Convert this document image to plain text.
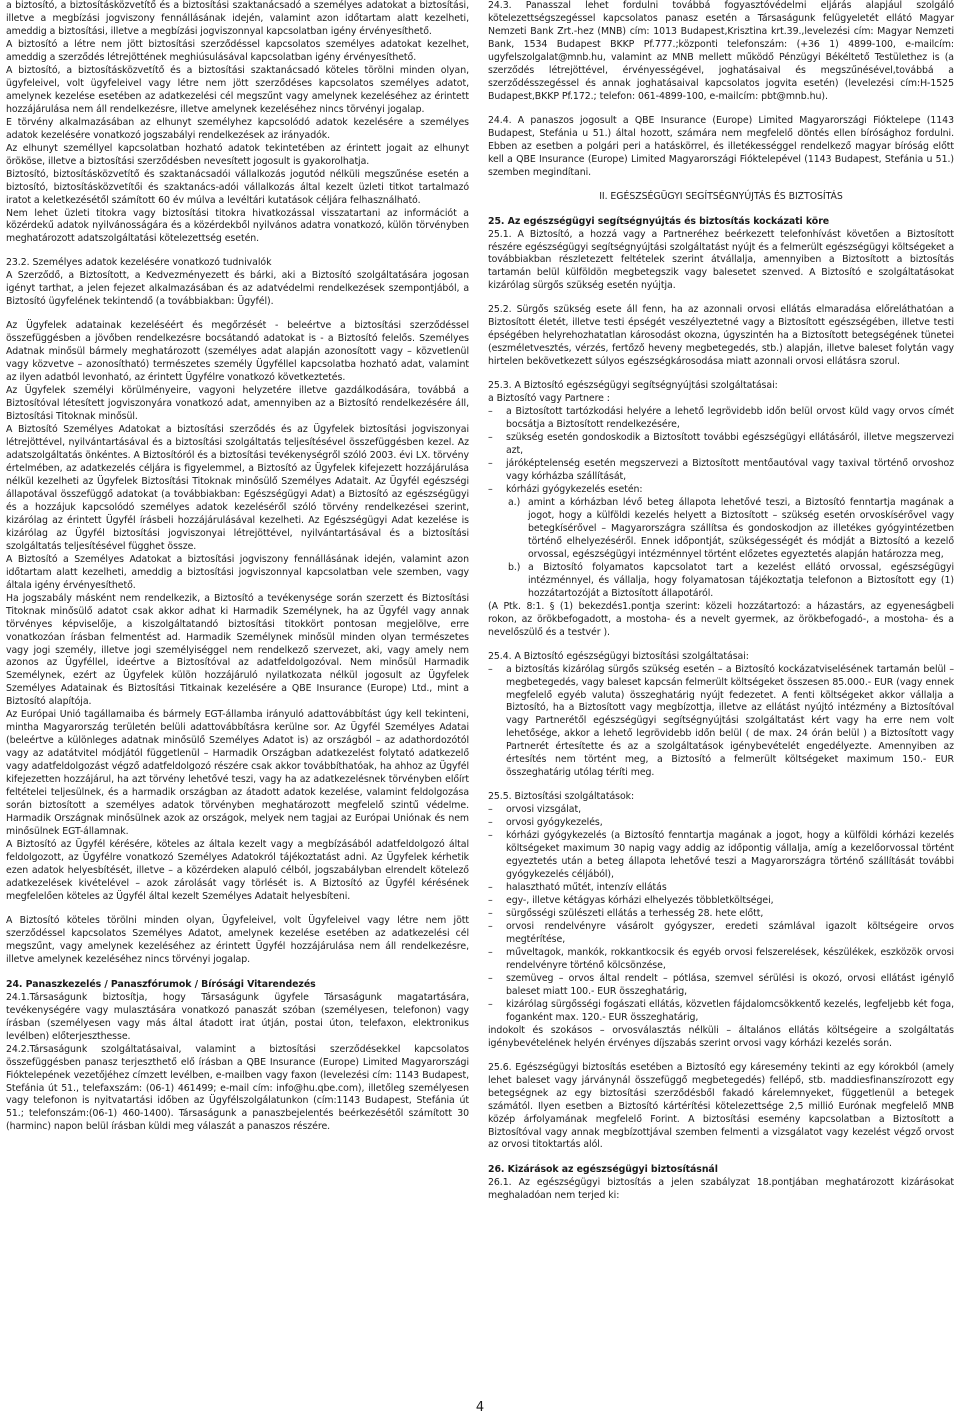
a biztosító, a biztosításközvetítő és a biztosítási szaktanácsadó a személyes adatokat a biztosítási, illetve a megbízási jogviszony fennállásának idején, valamint azon időtartam alatt kezelheti, ameddig a biztosítási, illetve a megbízási jogviszonnyal kapcsolatban igény érvényesíthető.

A biztosító a létre nem jött biztosítási szerződéssel kapcsolatos személyes adatokat kezelhet, ameddig a szerződés létrejöttének meghiúsulásával kapcsolatban igény érvényesíthető.

A biztosító, a biztosításközvetítő és a biztosítási szaktanácsadó köteles törölni minden olyan, ügyfeleivel, volt ügyfeleivel vagy létre nem jött szerződéses kapcsolatos személyes adatot, amelynek kezelése esetében az adatkezelési cél megszűnt vagy amelynek kezeléséhez az érintett hozzájárulása nem áll rendelkezésre, illetve amelynek kezeléséhez nincs törvényi jogalap.

E törvény alkalmazásában az elhunyt személyhez kapcsolódó adatok kezelésére a személyes adatok kezelésére vonatkozó jogszabályi rendelkezések az irányadók.

Az elhunyt személlyel kapcsolatban hozható adatok tekintetében az érintett jogait az elhunyt örököse, illetve a biztosítási szerződésben nevesített jogosult is gyakorolhatja.

Biztosító, biztosításközvetítő és szaktanácsadói vállalkozás jogutód nélküli megszűnése esetén a biztosító, biztosításközvetítői és szaktanács-adói vállalkozás által kezelt üzleti titkot tartalmazó iratot a keletkezésétől számított 60 év múlva a levéltári kutatások céljára felhasználható.

Nem lehet üzleti titokra vagy biztosítási titokra hivatkozással visszatartani az információt a közérdekű adatok nyilvánosságára és a közérdekből nyilvános adatra vonatkozó, külön törvényben meghatározott adatszolgáltatási kötelezettség esetén.

23.2. Személyes adatok kezelésére vonatkozó tudnivalók

A Szerződő, a Biztosított, a Kedvezményezett és bárki, aki a Biztosító szolgáltatására jogosan igényt tarthat, a jelen fejezet alkalmazásában és az adatvédelmi rendelkezések szempontjából, a Biztosító ügyfelének tekintendő (a továbbiakban: Ügyfél).

Az Ügyfelek adatainak kezeléséért és megőrzését - beleértve a biztosítási szerződéssel összefüggésben a jövőben rendelkezésre bocsátandó adatokat is - a Biztosító felelős. Személyes Adatnak minősül bármely meghatározott (személyes adat alapján azonosított vagy – közvetlenül vagy közvetve – azonosítható) természetes személy Ügyféllel kapcsolatba hozható adat, valamint az ilyen adatból levonható, az érintett Ügyfélre vonatkozó következtetés.

Az Ügyfelek személyi körülményeire, vagyoni helyzetére illetve gazdálkodására, továbbá a Biztosítóval létesített jogviszonyára vonatkozó adat, amennyiben az a Biztosító rendelkezésére áll, Biztosítási Titoknak minősül.

A Biztosító Személyes Adatokat a biztosítási szerződés és az Ügyfelek biztosítási jogviszonyai létrejöttével, nyilvántartásával és a biztosítási szolgáltatás teljesítésével összefüggésben kezel. Az adatszolgáltatás önkéntes. A Biztosítóról és a biztosítási tevékenységről szóló 2003. évi LX. törvény értelmében, az adatkezelés céljára is figyelemmel, a Biztosító az Ügyfelek kifejezett hozzájárulása nélkül kezelheti az Ügyfelek Biztosítási Titoknak minősülő Személyes Adatait. Az Ügyfél egészségi állapotával összefüggő adatokat (a továbbiakban: Egészségügyi Adat) a Biztosító az egészségügyi és a hozzájuk kapcsolódó személyes adatok kezeléséről szóló törvény rendelkezései szerint, kizárólag az érintett Ügyfél írásbeli hozzájárulásával kezelheti. Az Egészségügyi Adat kezelése is kizárólag az Ügyfél biztosítási jogviszonyai létrejöttével, nyilvántartásával és a biztosítási szolgáltatás teljesítésével függhet össze.

A Biztosító a Személyes Adatokat a biztosítási jogviszony fennállásának idején, valamint azon időtartam alatt kezelheti, ameddig a biztosítási jogviszonnyal kapcsolatban vele szemben, vagy általa igény érvényesíthető.

Ha jogszabály másként nem rendelkezik, a Biztosító a tevékenysége során szerzett és Biztosítási Titoknak minősülő adatot csak akkor adhat ki Harmadik Személynek, ha az Ügyfél vagy annak törvényes képviselője, a kiszolgáltatandó biztosítási titokkört pontosan megjelölve, erre vonatkozóan írásban felmentést ad. Harmadik Személynek minősül minden olyan természetes vagy jogi személy, illetve jogi személyiséggel nem rendelkező szervezet, aki, vagy amely nem azonos az Ügyféllel, ideértve a Biztosítóval az adatfeldolgozóval. Nem minősül Harmadik Személynek, ezért az Ügyfelek külön hozzájáruló nyilatkozata nélkül jogosult az Ügyfelek Személyes Adatainak és Biztosítási Titkainak kezelésére a QBE Insurance (Europe) Ltd., mint a Biztosító alapítója.

Az Európai Unió tagállamaiba és bármely EGT-államba irányuló adattovábbítást úgy kell tekinteni, mintha Magyarország területén belüli adattovábbításra kerülne sor. Az Ügyfél Személyes Adatai (beleértve a különleges adatnak minősülő Személyes Adatot is) az országból – az adathordozótól vagy az adatátvitel módjától függetlenül – Harmadik Országban adatkezelést folytató adatkezelő vagy adatfeldolgozást végző adatfeldolgozó részére csak akkor továbbíthatóak, ha ahhoz az Ügyfél kifejezetten hozzájárul, ha azt törvény lehetővé teszi, vagy ha az adatkezelésnek törvényben előírt feltételei teljesülnek, és a harmadik országban az átadott adatok kezelése, valamint feldolgozása során biztosított a személyes adatok törvényben meghatározott megfelelő szintű védelme. Harmadik Országnak minősülnek azok az országok, melyek nem tagjai az Európai Uniónak és nem minősülnek EGT-államnak.

A Biztosító az Ügyfél kérésére, köteles az általa kezelt vagy a megbízásából adatfeldolgozó által feldolgozott, az Ügyfélre vonatkozó Személyes Adatokról tájékoztatást adni. Az Ügyfelek kérhetik ezen adatok helyesbítését, illetve – a közérdeken alapuló célból, jogszabályban elrendelt kötelező adatkezelések kivételével – azok zárolását vagy törlését is. A Biztosító az Ügyfél kérésének megfelelően köteles az Ügyfél által kezelt Személyes Adatait helyesbíteni.

A Biztosító köteles törölni minden olyan, Ügyfeleivel, volt Ügyfeleivel vagy létre nem jött szerződéssel kapcsolatos Személyes Adatot, amelynek kezelése esetében az adatkezelési cél megszűnt, vagy amelynek kezeléséhez az érintett Ügyfél hozzájárulása nem áll rendelkezésre, illetve amelynek kezeléséhez nincs törvényi jogalap.

24. Panaszkezelés / Panaszfórumok / Bírósági Vitarendezés

24.1.Társaságunk biztosítja, hogy Társaságunk ügyfele Társaságunk magatartására, tevékenységére vagy mulasztására vonatkozó panaszát szóban (személyesen, telefonon) vagy írásban (személyesen vagy más által átadott irat útján, postai úton, telefaxon, elektronikus levélben) előterjeszthesse.

24.2.Társaságunk szolgáltatásaival, valamint a biztosítási szerződésekkel kapcsolatos összefüggésben panasz terjeszthető elő írásban a QBE Insurance (Europe) Limited Magyarországi Fióktelepének vezetőjéhez címzett levélben, e-mailben vagy faxon (levelezési cím: 1143 Budapest, Stefánia út 51., telefaxszám: (06-1) 461499; e-mail cím: info@hu.qbe.com), illetőleg személyesen vagy telefonon is nyitvatartási időben az Ügyfélszolgálatunkon (cím:1143 Budapest, Stefánia út 51.; telefonszám:(06-1) 460-1400). Társaságunk a panaszbejelentés beérkezésétől számított 30 (harminc) napon belül írásban küldi meg válaszát a panaszos részére.

24.3. Panasszal lehet fordulni továbbá fogyasztóvédelmi eljárás alapjául szolgáló kötelezettségszegéssel kapcsolatos panasz esetén a Társaságunk felügyeletét ellátó Magyar Nemzeti Bank Zrt.-hez (MNB) cím: 1013 Budapest,Krisztina krt.39.,levelezési cím: Magyar Nemzeti Bank, 1534 Budapest BKKP Pf.777.;központi telefonszám: (+36 1) 4899-100, e-mailcím: ugyfelszolgalat@mnb.hu, valamint az MNB mellett működő Pénzügyi Békéltető Testülethez is (a szerződés létrejöttével, érvényességével, joghatásaival és megszűnésével,továbbá a szerződésszegéssel és annak joghatásaival kapcsolatos jogvita esetén) (levelezési cím:H-1525 Budapest,BKKP Pf.172.; telefon: 061-4899-100, e-mailcím: pbt@mnb.hu).

24.4. A panaszos jogosult a QBE Insurance (Europe) Limited Magyarországi Fióktelepe (1143 Budapest, Stefánia u 51.) által hozott, számára nem megfelelő döntés ellen bírósághoz fordulni. Ebben az esetben a polgári peri a hatáskörrel, és illetékességgel rendelkező magyar bíróság előtt kell a QBE Insurance (Europe) Limited Magyarországi Fióktelepével (1143 Budapest, Stefánia u 51.) szemben megindítani.

II. EGÉSZSÉGÜGYI SEGÍTSÉGNYÚJTÁS ÉS BIZTOSÍTÁS

25. Az egészségügyi segítségnyújtás és biztosítás kockázati köre

25.1. A Biztosító, a hozzá vagy a Partneréhez beérkezett telefonhívást követően a Biztosított részére egészségügyi segítségnyújtási szolgáltatást nyújt és a felmerült egészségügyi költségeket a továbbiakban részletezett feltételek szerint átvállalja, amennyiben a Biztosított a biztosítás tartamán belül külföldön megbetegszik vagy balesetet szenved. A Biztosító e szolgáltatásokat kizárólag sürgős szükség esetén nyújtja.

25.2. Sürgős szükség esete áll fenn, ha az azonnali orvosi ellátás elmaradása előreláthatóan a Biztosított életét, illetve testi épségét veszélyeztetné vagy a Biztosított egészségében, illetve testi épségében helyrehozhatatlan károsodást okozna, úgyszintén ha a Biztosított betegségének tünetei (eszméletvesztés, vérzés, fertőző heveny megbetegedés, stb.) alapján, illetve baleset folytán vagy hirtelen bekövetkezett súlyos egészségkárosodása miatt azonnali orvosi ellátásra szorul.

25.3. A Biztosító egészségügyi segítségnyújtási szolgáltatásai:

a Biztosító vagy Partnere :

– a Biztosított tartózkodási helyére a lehető legrövidebb időn belül orvost küld vagy orvos címét bocsátja a Biztosított rendelkezésére,
– szükség esetén gondoskodik a Biztosított további egészségügyi ellátásáról, illetve megszervezi azt,
– járóképtelenség esetén megszervezi a Biztosított mentőautóval vagy taxival történő orvoshoz vagy kórházba szállítását,
– kórházi gyógykezelés esetén:
a.) amint a kórházban lévő beteg állapota lehetővé teszi, a Biztosító fenntartja magának a jogot, hogy a külföldi kezelés helyett a Biztosított – szükség esetén orvoskísérővel vagy betegkísérővel – Magyarországra szállítsa és gondoskodjon az illetékes gyógyintézetben történő elhelyezéséről. Ennek időpontját, szükségességét és módját a Biztosító a kezelő orvossal, egészségügyi intézménnyel történt előzetes egyeztetés alapján határozza meg,
b.) a Biztosító folyamatos kapcsolatot tart a kezelést ellátó orvossal, egészségügyi intézménnyel, és vállalja, hogy folyamatosan tájékoztatja telefonon a Biztosított egy (1) hozzátartozóját a Biztosított állapotáról.

(A Ptk. 8:1. § (1) bekezdés1.pontja szerint: közeli hozzátartozó: a házastárs, az egyeneságbeli rokon, az örökbefogadott, a mostoha- és a nevelt gyermek, az örökbefogadó-, a mostoha- és a nevelőszülő és a testvér ).

25.4. A Biztosító egészségügyi biztosítási szolgáltatásai:

– a biztosítás kizárólag sürgős szükség esetén – a Biztosító kockázatviselésének tartamán belül – megbetegedés, vagy baleset kapcsán felmerült költségeket összesen 85.000.- EUR (vagy ennek megfelelő egyéb valuta) összeghatárig nyújt fedezetet. A fenti költségeket akkor vállalja a Biztosító, ha a Biztosított vagy megbízottja, illetve az ellátást nyújtó intézmény a Biztosítóval vagy Partnerétől egészségügyi segítségnyújtási szolgáltatást kért vagy ha erre nem volt lehetősége, akkor a lehető legrövidebb időn belül ( de max. 24 órán belül ) a Biztosított vagy Partnerét értesítette és az a szolgáltatások igénybevételét engedélyezte. Amennyiben az értesítés nem történt meg, a Biztosító a felmerült költségeket maximum 150.- EUR összeghatárig utólag téríti meg.

25.5. Biztosítási szolgáltatások:

– orvosi vizsgálat,
– orvosi gyógykezelés,
– kórházi gyógykezelés (a Biztosító fenntartja magának a jogot, hogy a külföldi kórházi kezelés költségeket maximum 30 napig vagy addig az időpontig vállalja, amíg a kezelőorvossal történt egyeztetés után a beteg állapota lehetővé teszi a Magyarországra történő szállítását további gyógykezelés céljából),
– halasztható műtét, intenzív ellátás
– egy-, illetve kétágyas kórházi elhelyezés többletköltségei,
– sürgősségi szülészeti ellátás a terhesség 28. hete előtt,
– orvosi rendelvényre vásárolt gyógyszer, eredeti számlával igazolt költségeire orvos megtérítése,
– műveltagok, mankók, rokkantkocsik és egyéb orvosi felszerelések, készülékek, eszközök orvosi rendelvényre történő kölcsönzése,
– szemüveg – orvos által rendelt – pótlása, szemvel sérülési is okozó, orvosi ellátást igénylő baleset miatt 100.- EUR összeghatárig,
– kizárólag sürgősségi fogászati ellátás, közvetlen fájdalomcsökkentő kezelés, legfeljebb két foga, foganként max. 120.- EUR összeghatárig,

indokolt és szokásos – orvosválasztás nélküli – általános ellátás költségeire a szolgáltatás igénybevételének helyén érvényes díjszabás szerint orvosi vagy kórházi kezelés során.

25.6. Egészségügyi biztosítás esetében a Biztosító egy káresemény tekinti az egy kórokból (amely lehet baleset vagy járványnál összefüggő megbetegedés) fellépő, stb. maddiesfinanszírozott egy betegségnek az egy biztosítási szerződésből fakadó kárelemnyeket, függetlenül a betegek számától. Ilyen esetben a Biztosító kártérítési kötelezettsége 2,5 millió Eurónak megfelelő MNB közép árfolyamának megfelelő Forint. A biztosítási esemény kapcsolatban a Biztosított a Biztosítóval vagy annak megbízottjával szemben felmenti a vizsgálatot vagy kezelést végző orvost az orvosi titoktartás alól.

26. Kizárások az egészségügyi biztosításnál

26.1. Az egészségügyi biztosítás a jelen szabályzat 18.pontjában meghatározott kizárásokat meghaladóan nem terjed ki:

4
